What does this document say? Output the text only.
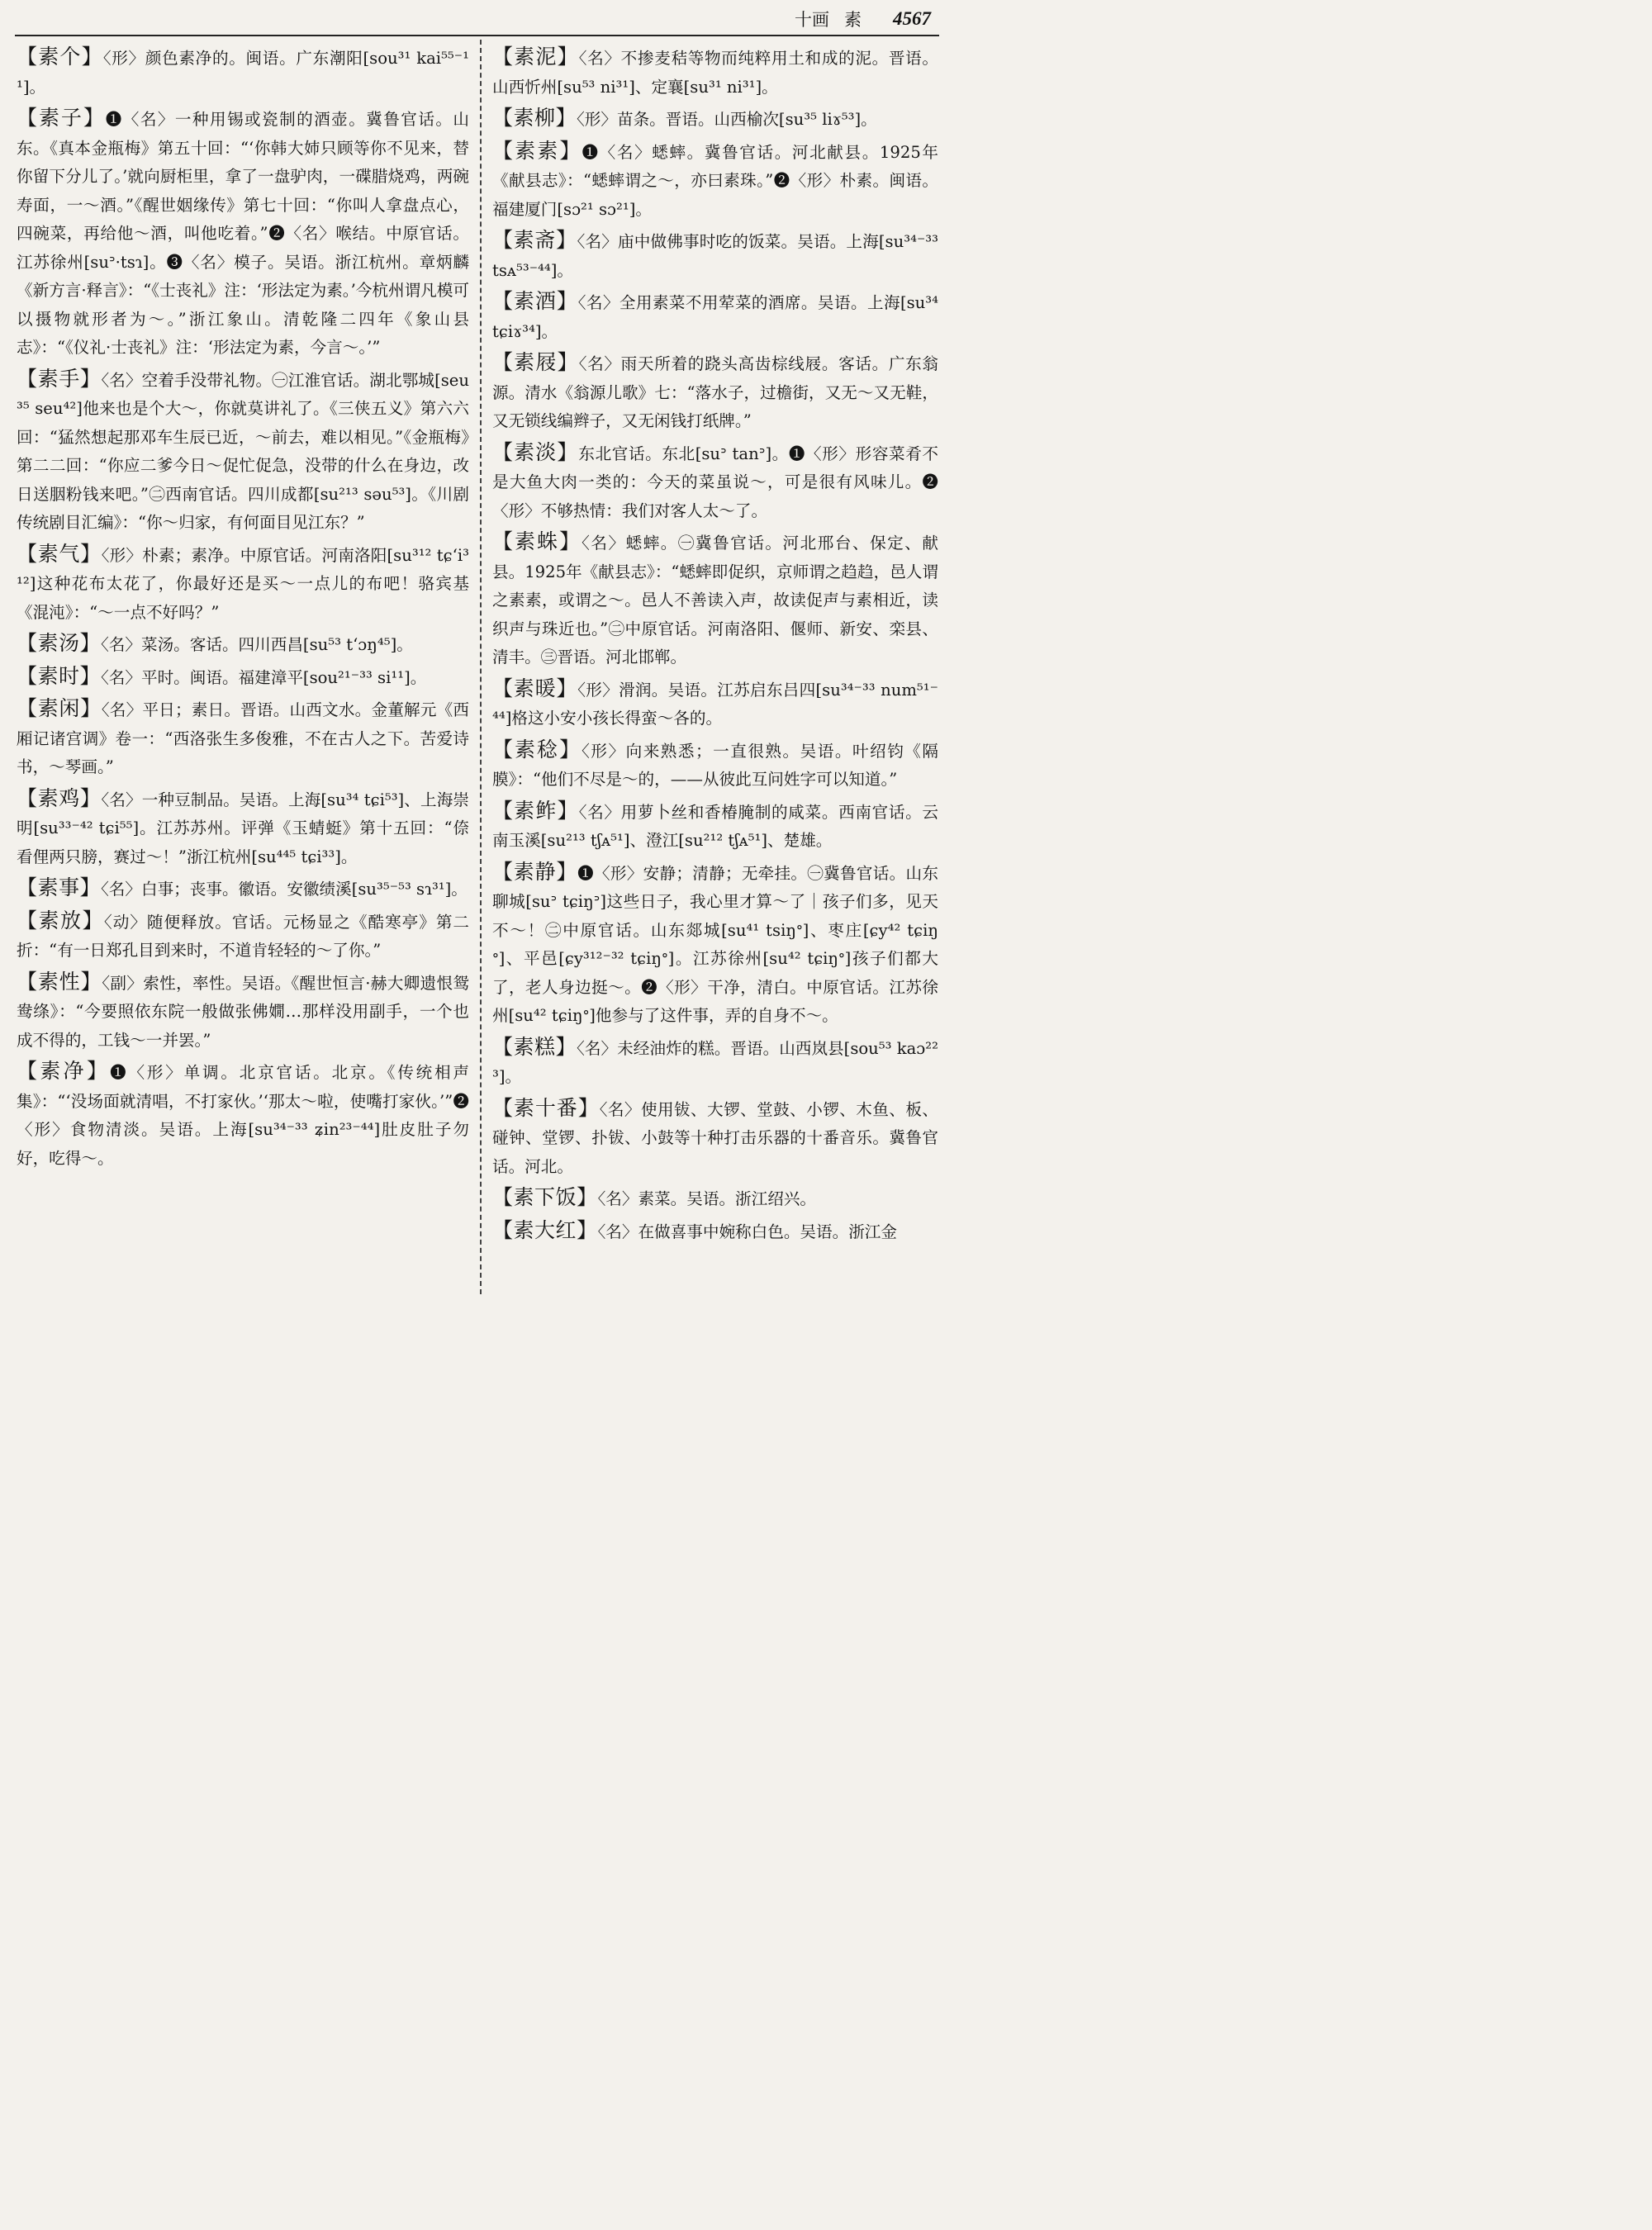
十画 素 4567

【素个】〈形〉颜色素净的。闽语。广东潮阳[sou³¹ kai⁵⁵⁻¹¹]。

【素子】❶〈名〉一种用锡或瓷制的酒壶。冀鲁官话。山东。《真本金瓶梅》第五十回：“‘你韩大姉只顾等你不见来，替你留下分儿了。’就向厨柜里，拿了一盘驴肉，一碟腊烧鸡，两碗寿面，一～酒。”《醒世姻缘传》第七十回：“你叫人拿盘点心，四碗菜，再给他～酒，叫他吃着。”❷〈名〉喉结。中原官话。江苏徐州[suᐣ·tsɿ]。❸〈名〉模子。吴语。浙江杭州。章炳麟《新方言·释言》：“《士丧礼》注：‘形法定为素。’今杭州谓凡模可以摄物就形者为～。”浙江象山。清乾隆二四年《象山县志》：“《仪礼·士丧礼》注：‘形法定为素，今言～。’”

【素手】〈名〉空着手没带礼物。㊀江淮官话。湖北鄂城[seu³⁵ seu⁴²]他来也是个大～，你就莫讲礼了。《三侠五义》第六六回：“猛然想起那邓车生辰已近，～前去，难以相见。”《金瓶梅》第二二回：“你应二爹今日～促忙促急，没带的什么在身边，改日送胭粉钱来吧。”㊁西南官话。四川成都[su²¹³ səu⁵³]。《川剧传统剧目汇编》：“你～归家，有何面目见江东？”

【素气】〈形〉朴素；素净。中原官话。河南洛阳[su³¹² tɕʻi³¹²]这种花布太花了，你最好还是买～一点儿的布吧！骆宾基《混沌》：“～一点不好吗？”

【素汤】〈名〉菜汤。客话。四川西昌[su⁵³ tʻɔŋ⁴⁵]。

【素时】〈名〉平时。闽语。福建漳平[sou²¹⁻³³ si¹¹]。

【素闲】〈名〉平日；素日。晋语。山西文水。金董解元《西厢记诸宫调》卷一：“西洛张生多俊雅，不在古人之下。苦爱诗书，～琴画。”

【素鸡】〈名〉一种豆制品。吴语。上海[su³⁴ tɕi⁵³]、上海崇明[su³³⁻⁴² tɕi⁵⁵]。江苏苏州。评弹《玉蜻蜓》第十五回：“倷看俚两只膀，赛过～！”浙江杭州[su⁴⁴⁵ tɕi³³]。

【素事】〈名〉白事；丧事。徽语。安徽绩溪[su³⁵⁻⁵³ sɿ³¹]。

【素放】〈动〉随便释放。官话。元杨显之《酷寒亭》第二折：“有一日郑孔目到来时，不道肯轻轻的～了你。”

【素性】〈副〉索性，率性。吴语。《醒世恒言·赫大卿遗恨鸳鸯绦》：“今要照依东院一般做张佛嫺…那样没用副手，一个也成不得的，工钱～一并罢。”

【素净】❶〈形〉单调。北京官话。北京。《传统相声集》：“‘没场面就清唱，不打家伙。’‘那太～啦，使嘴打家伙。’”❷〈形〉食物清淡。吴语。上海[su³⁴⁻³³ ʑin²³⁻⁴⁴]肚皮肚子勿好，吃得～。

【素泥】〈名〉不掺麦秸等物而纯粹用土和成的泥。晋语。山西忻州[su⁵³ ni³¹]、定襄[su³¹ ni³¹]。

【素柳】〈形〉苗条。晋语。山西榆次[su³⁵ liɤ⁵³]。

【素素】❶〈名〉蟋蟀。冀鲁官话。河北献县。1925年《献县志》：“蟋蟀谓之～，亦曰素珠。”❷〈形〉朴素。闽语。福建厦门[sɔ²¹ sɔ²¹]。

【素斋】〈名〉庙中做佛事时吃的饭菜。吴语。上海[su³⁴⁻³³ tsᴀ⁵³⁻⁴⁴]。

【素酒】〈名〉全用素菜不用荤菜的酒席。吴语。上海[su³⁴ tɕiɤ³⁴]。

【素屐】〈名〉雨天所着的跷头高齿棕线屐。客话。广东翁源。清水《翁源儿歌》七：“落水子，过檐街，又无～又无鞋，又无锁线编辫子，又无闲钱打纸牌。”

【素淡】东北官话。东北[suᐣ tanᐣ]。❶〈形〉形容菜肴不是大鱼大肉一类的：今天的菜虽说～，可是很有风味儿。❷〈形〉不够热情：我们对客人太～了。

【素蛛】〈名〉蟋蟀。㊀冀鲁官话。河北邢台、保定、献县。1925年《献县志》：“蟋蟀即促织，京师谓之趋趋，邑人谓之素素，或谓之～。邑人不善读入声，故读促声与素相近，读织声与珠近也。”㊁中原官话。河南洛阳、偃师、新安、栾县、清丰。㊂晋语。河北邯郸。

【素暖】〈形〉滑润。吴语。江苏启东吕四[su³⁴⁻³³ num⁵¹⁻⁴⁴]格这小安小孩长得蛮～各的。

【素稔】〈形〉向来熟悉；一直很熟。吴语。叶绍钧《隔膜》：“他们不尽是～的，——从彼此互问姓字可以知道。”

【素鲊】〈名〉用萝卜丝和香椿腌制的咸菜。西南官话。云南玉溪[su²¹³ tʃᴀ⁵¹]、澄江[su²¹² tʃᴀ⁵¹]、楚雄。

【素静】❶〈形〉安静；清静；无牵挂。㊀冀鲁官话。山东聊城[suᐣ tɕiŋᐣ]这些日子，我心里才算～了｜孩子们多，见天不～！㊁中原官话。山东郯城[su⁴¹ tsiŋᐤ]、枣庄[ɕy⁴² tɕiŋᐤ]、平邑[ɕy³¹²⁻³² tɕiŋᐤ]。江苏徐州[su⁴² tɕiŋᐤ]孩子们都大了，老人身边挺～。❷〈形〉干净，清白。中原官话。江苏徐州[su⁴² tɕiŋᐤ]他参与了这件事，弄的自身不～。

【素糕】〈名〉未经油炸的糕。晋语。山西岚县[sou⁵³ kaɔ²²³]。

【素十番】〈名〉使用钹、大锣、堂鼓、小锣、木鱼、板、碰钟、堂锣、扑钹、小鼓等十种打击乐器的十番音乐。冀鲁官话。河北。

【素下饭】〈名〉素菜。吴语。浙江绍兴。

【素大红】〈名〉在做喜事中婉称白色。吴语。浙江金
